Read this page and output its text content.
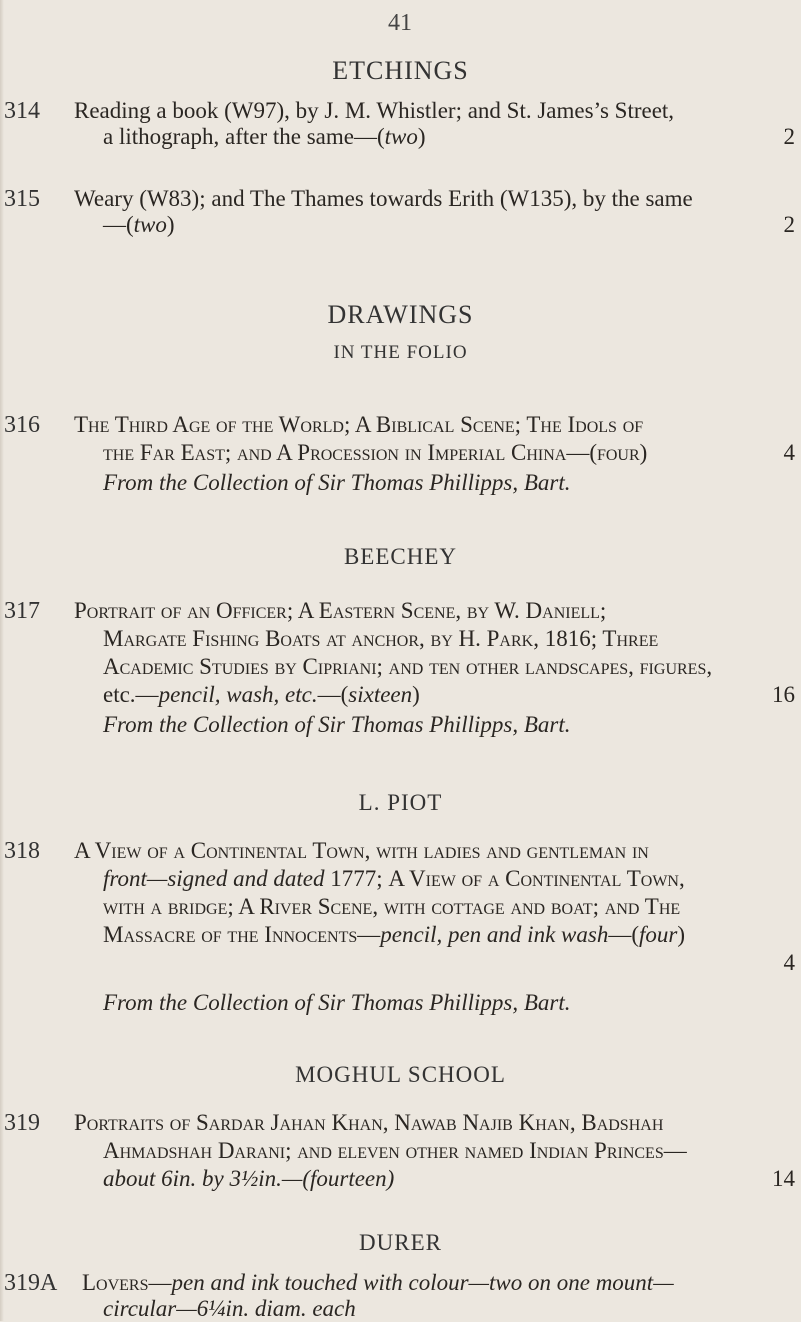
41
ETCHINGS
314 Reading a book (W97), by J. M. Whistler; and St. James’s Street,
a lithograph, after the same—(two)	2
315 Weary (W83); and The Thames towards Erith (W135), by the same
—(two)	2
DRAWINGS
IN THE FOLIO
316 The Third Age of the World; A Biblical Scene; The Idols of
the Far East; and A Procession in Imperial China—(four)	4
From the Collection of Sir Thomas Phillipps, Bart.
BEECHEY
317 Portrait of an Officer; A Eastern Scene, by W. Daniell;
Margate Fishing Boats at anchor, by H. Park, 1816; Three
Academic Studies by Cipriani; and ten other landscapes, figures,
etc.—pencil, wash, etc.—(sixteen)	16
From the Collection of Sir Thomas Phillipps, Bart.
L. PIOT
318 A View of a Continental Town, with ladies and gentleman in
front—signed and dated 1777; A View of a Continental Town,
with a bridge; A River Scene, with cottage and boat; and The
Massacre of the Innocents—pencil, pen and ink wash—(four)
4
From the Collection of Sir Thomas Phillipps, Bart.
MOGHUL SCHOOL
319 Portraits of Sardar Jahan Khan, Nawab Najib Khan, Badshah
Ahmadshah Darani; and eleven other named Indian Princes—
about 6in. by 3½in.—(fourteen)	14
DURER
319A Lovers—pen and ink touched with colour—two on one mount—
circular—6¼in. diam. each
